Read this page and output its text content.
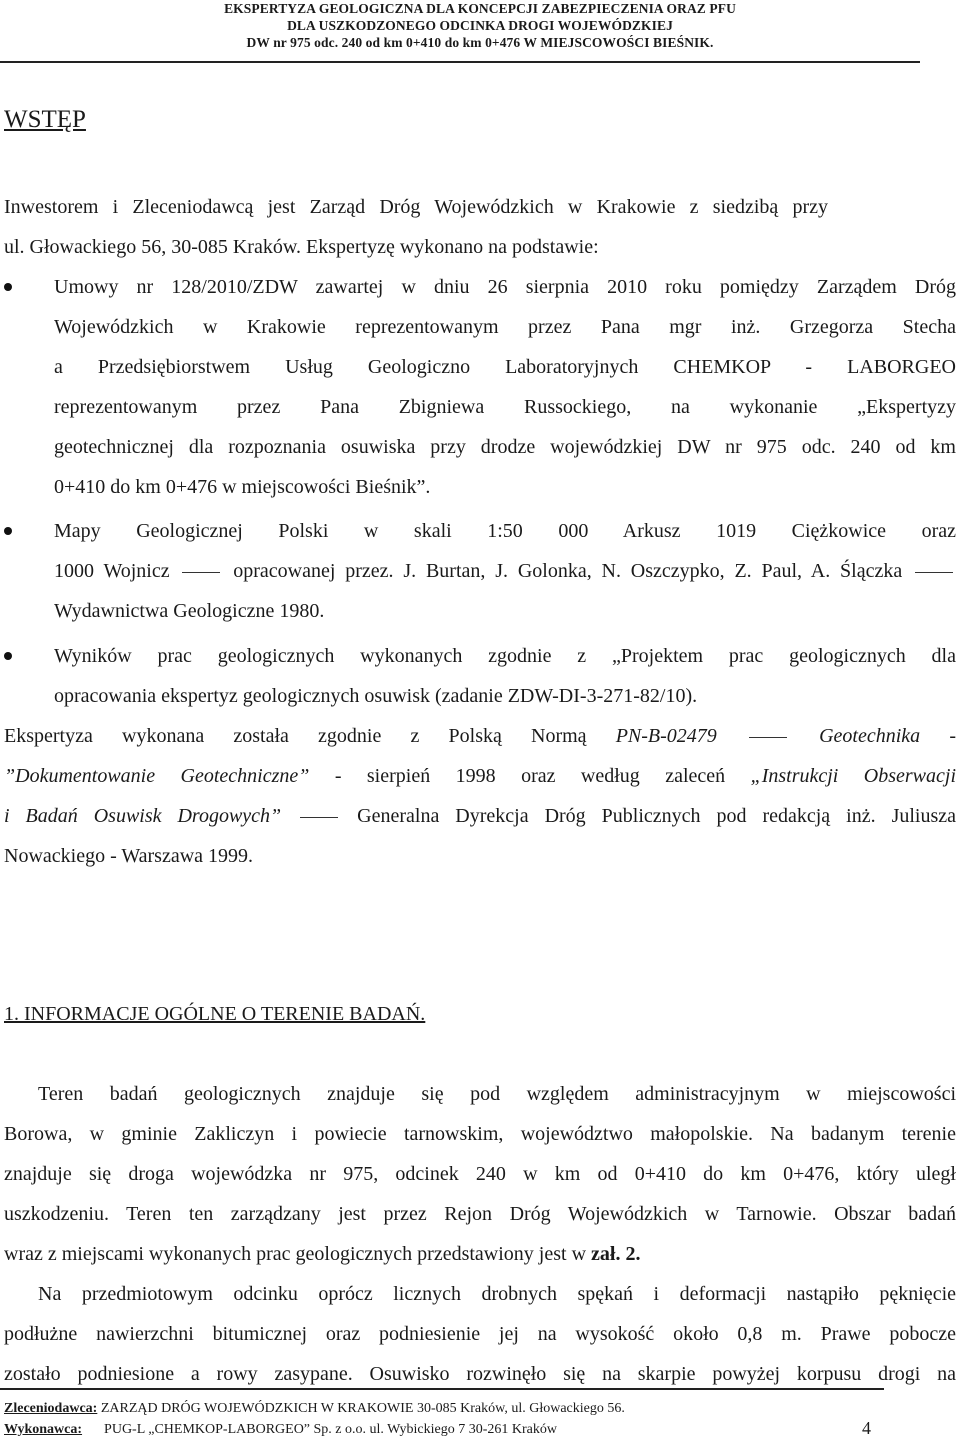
EKSPERTYZA GEOLOGICZNA DLA KONCEPCJI ZABEZPIECZENIA ORAZ PFU
DLA USZKODZONEGO ODCINKA DROGI WOJEWÓDZKIEJ
DW nr 975 odc. 240 od km 0+410 do km 0+476 W MIEJSCOWOŚCI BIEŚNIK.
WSTĘP
Inwestorem i Zleceniodawcą jest Zarząd Dróg Wojewódzkich w Krakowie z siedzibą przy
ul. Głowackiego 56, 30-085 Kraków. Ekspertyzę wykonano na podstawie:
Umowy nr 128/2010/ZDW zawartej w dniu 26 sierpnia 2010 roku pomiędzy Zarządem Dróg
Wojewódzkich w Krakowie reprezentowanym przez Pana mgr inż. Grzegorza Stecha
a Przedsiębiorstwem Usług Geologiczno Laboratoryjnych CHEMKOP - LABORGEO
reprezentowanym przez Pana Zbigniewa Russockiego, na wykonanie „Ekspertyzy
geotechnicznej dla rozpoznania osuwiska przy drodze wojewódzkiej DW nr 975 odc. 240 od km
0+410 do km 0+476 w miejscowości Bieśnik”.
Mapy Geologicznej Polski w skali 1:50 000 Arkusz 1019 Ciężkowice oraz
1000 Wojnicz	opracowanej przez. J. Burtan, J. Golonka, N. Oszczypko, Z. Paul, A. Ślączka
Wydawnictwa Geologiczne 1980.
Wyników prac geologicznych wykonanych zgodnie z „Projektem prac geologicznych dla
opracowania ekspertyz geologicznych osuwisk (zadanie ZDW-DI-3-271-82/10).
Ekspertyza wykonana została zgodnie z Polską Normą PN-B-02479	Geotechnika -
”Dokumentowanie Geotechniczne” - sierpień 1998 oraz według zaleceń „Instrukcji Obserwacji
i Badań Osuwisk Drogowych”	Generalna Dyrekcja Dróg Publicznych pod redakcją inż. Juliusza
Nowackiego - Warszawa 1999.
1. INFORMACJE OGÓLNE O TERENIE BADAŃ.
Teren badań geologicznych znajduje się pod względem administracyjnym w miejscowości
Borowa, w gminie Zakliczyn i powiecie tarnowskim, województwo małopolskie. Na badanym terenie
znajduje się droga wojewódzka nr 975, odcinek 240 w km od 0+410 do km 0+476, który uległ
uszkodzeniu. Teren ten zarządzany jest przez Rejon Dróg Wojewódzkich w Tarnowie. Obszar badań
wraz z miejscami wykonanych prac geologicznych przedstawiony jest w zał. 2.
Na przedmiotowym odcinku oprócz licznych drobnych spękań i deformacji nastąpiło pęknięcie
podłużne nawierzchni bitumicznej oraz podniesienie jej na wysokość około 0,8 m. Prawe pobocze
zostało podniesione a rowy zasypane. Osuwisko rozwinęło się na skarpie powyżej korpusu drogi na
Zleceniodawca: ZARZĄD DRÓG WOJEWÓDZKICH W KRAKOWIE 30-085 Kraków, ul. Głowackiego 56.
Wykonawca: PUG-L „CHEMKOP-LABORGEO” Sp. z o.o. ul. Wybickiego 7 30-261 Kraków	4
